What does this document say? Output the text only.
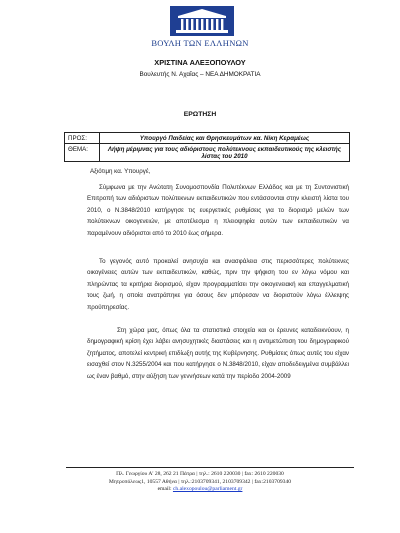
ΒΟΥΛΗ ΤΩΝ ΕΛΛΗΝΩΝ
ΧΡΙΣΤΙΝΑ ΑΛΕΞΟΠΟΥΛΟΥ
Βουλευτής Ν. Αχαΐας – ΝΕΑ ΔΗΜΟΚΡΑΤΙΑ
ΕΡΩΤΗΣΗ
ΠΡΟΣ:	Υπουργό Παιδείας και Θρησκευμάτων κα. Νίκη Κεραμέως
ΘΕΜΑ:	Λήψη μέριμνας για τους αδιόριστους πολύτεκνους εκπαιδευτικούς της κλειστής λίστας του 2010
Αξιότιμη κα. Υπουργέ,
Σύμφωνα με την Ανώτατη Συνομοσπονδία Πολυτέκνων Ελλάδος και με τη Συντονιστική Επιτροπή των αδιόριστων πολύτεκνων εκπαιδευτικών που εντάσσονται στην κλειστή λίστα του 2010, ο Ν.3848/2010 κατήργησε τις ευεργετικές ρυθμίσεις για το διορισμό μελών των πολύτεκνων οικογενειών, με αποτέλεσμα η πλειοψηφία αυτών των εκπαιδευτικών να παραμένουν αδιόριστοι από το 2010 έως σήμερα.
Το γεγονός αυτό προκαλεί ανησυχία και ανασφάλεια στις περισσότερες πολύτεκνες οικογένειες αυτών των εκπαιδευτικών, καθώς, πριν την ψήφιση του εν λόγω νόμου και πληρώντας τα κριτήρια διορισμού, είχαν προγραμματίσει την οικογενειακή και επαγγελματική τους ζωή, η οποία ανατράπηκε για όσους δεν μπόρεσαν να διοριστούν λόγω έλλειψης προϋπηρεσίας.
Στη χώρα μας, όπως όλα τα στατιστικά στοιχεία και οι έρευνες καταδεικνύουν, η δημογραφική κρίση έχει λάβει ανησυχητικές διαστάσεις και η αντιμετώπιση του δημογραφικού ζητήματος, αποτελεί κεντρική επιδίωξη αυτής της Κυβέρνησης. Ρυθμίσεις όπως αυτές του είχαν εισαχθεί στον Ν.3255/2004 και που κατήργησε ο Ν.3848/2010, είχαν αποδεδειγμένα συμβάλλει ως έναν βαθμό, στην αύξηση των γεννήσεων κατά την περίοδο 2004-2009
Πλ. Γεωργίου Α' 28, 262 21 Πάτρα | τηλ.: 2610 220030 | fax: 2610 220030
Μητροπόλεως1, 10557 Αθήνα | τηλ.:2103709341, 2103709342 | fax:2103709340
email: ch.alexopoulou@parliament.gr
